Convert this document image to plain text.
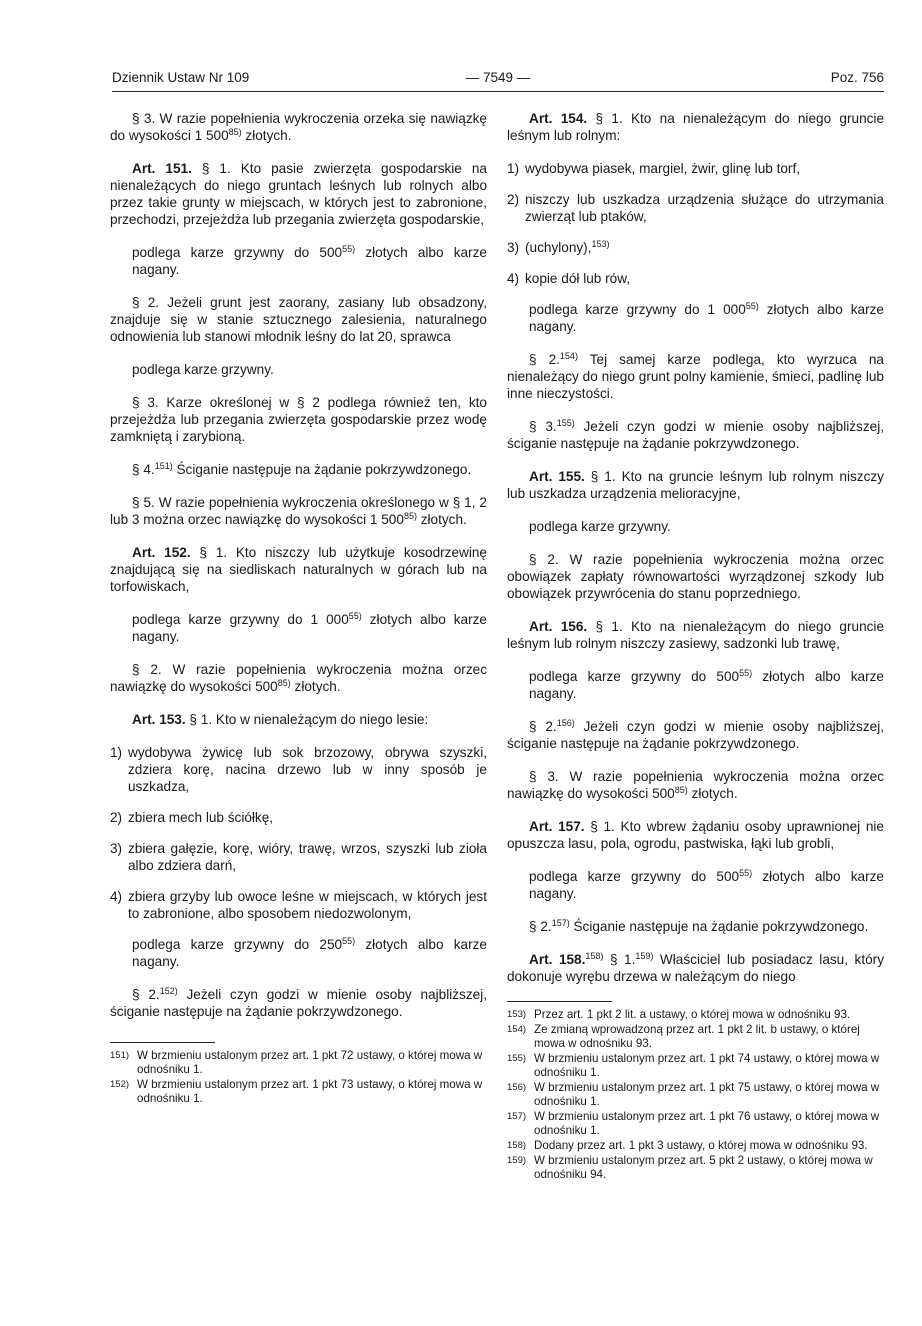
Dziennik Ustaw Nr 109	— 7549 —	Poz. 756

§ 3. W razie popełnienia wykroczenia orzeka się nawiązkę do wysokości 1 500$^{85)}$ złotych.

Art. 151. § 1. Kto pasie zwierzęta gospodarskie na nienależących do niego gruntach leśnych lub rolnych albo przez takie grunty w miejscach, w których jest to zabronione, przechodzi, przejeżdża lub przegania zwierzęta gospodarskie,

podlega karze grzywny do 500$^{55)}$ złotych albo karze nagany.

§ 2. Jeżeli grunt jest zaorany, zasiany lub obsadzony, znajduje się w stanie sztucznego zalesienia, naturalnego odnowienia lub stanowi młodnik leśny do lat 20, sprawca

podlega karze grzywny.

§ 3. Karze określonej w § 2 podlega również ten, kto przejeżdża lub przegania zwierzęta gospodarskie przez wodę zamkniętą i zarybioną.

§ 4.$^{151)}$ Ściganie następuje na żądanie pokrzywdzonego.

§ 5. W razie popełnienia wykroczenia określonego w § 1, 2 lub 3 można orzec nawiązkę do wysokości 1 500$^{85)}$ złotych.

Art. 152. § 1. Kto niszczy lub użytkuje kosodrzewinę znajdującą się na siedliskach naturalnych w górach lub na torfowiskach,

podlega karze grzywny do 1 000$^{55)}$ złotych albo karze nagany.

§ 2. W razie popełnienia wykroczenia można orzec nawiązkę do wysokości 500$^{85)}$ złotych.

Art. 153. § 1. Kto w nienależącym do niego lesie:

1) wydobywa żywicę lub sok brzozowy, obrywa szyszki, zdziera korę, nacina drzewo lub w inny sposób je uszkadza,
2) zbiera mech lub ściółkę,
3) zbiera gałęzie, korę, wióry, trawę, wrzos, szyszki lub zioła albo zdziera darń,
4) zbiera grzyby lub owoce leśne w miejscach, w których jest to zabronione, albo sposobem niedozwolonym,

podlega karze grzywny do 250$^{55)}$ złotych albo karze nagany.

§ 2.$^{152)}$ Jeżeli czyn godzi w mienie osoby najbliższej, ściganie następuje na żądanie pokrzywdzonego.

151) W brzmieniu ustalonym przez art. 1 pkt 72 ustawy, o której mowa w odnośniku 1.
152) W brzmieniu ustalonym przez art. 1 pkt 73 ustawy, o której mowa w odnośniku 1.

Art. 154. § 1. Kto na nienależącym do niego gruncie leśnym lub rolnym:

1) wydobywa piasek, margiel, żwir, glinę lub torf,
2) niszczy lub uszkadza urządzenia służące do utrzymania zwierząt lub ptaków,
3) (uchylony),$^{153)}$
4) kopie dół lub rów,

podlega karze grzywny do 1 000$^{55)}$ złotych albo karze nagany.

§ 2.$^{154)}$ Tej samej karze podlega, kto wyrzuca na nienależący do niego grunt polny kamienie, śmieci, padlinę lub inne nieczystości.

§ 3.$^{155)}$ Jeżeli czyn godzi w mienie osoby najbliższej, ściganie następuje na żądanie pokrzywdzonego.

Art. 155. § 1. Kto na gruncie leśnym lub rolnym niszczy lub uszkadza urządzenia melioracyjne,

podlega karze grzywny.

§ 2. W razie popełnienia wykroczenia można orzec obowiązek zapłaty równowartości wyrządzonej szkody lub obowiązek przywrócenia do stanu poprzedniego.

Art. 156. § 1. Kto na nienależącym do niego gruncie leśnym lub rolnym niszczy zasiewy, sadzonki lub trawę,

podlega karze grzywny do 500$^{55)}$ złotych albo karze nagany.

§ 2.$^{156)}$ Jeżeli czyn godzi w mienie osoby najbliższej, ściganie następuje na żądanie pokrzywdzonego.

§ 3. W razie popełnienia wykroczenia można orzec nawiązkę do wysokości 500$^{85)}$ złotych.

Art. 157. § 1. Kto wbrew żądaniu osoby uprawnionej nie opuszcza lasu, pola, ogrodu, pastwiska, łąki lub grobli,

podlega karze grzywny do 500$^{55)}$ złotych albo karze nagany.

§ 2.$^{157)}$ Ściganie następuje na żądanie pokrzywdzonego.

Art. 158.$^{158)}$ § 1.$^{159)}$ Właściciel lub posiadacz lasu, który dokonuje wyrębu drzewa w należącym do niego

153) Przez art. 1 pkt 2 lit. a ustawy, o której mowa w odnośniku 93.
154) Ze zmianą wprowadzoną przez art. 1 pkt 2 lit. b ustawy, o której mowa w odnośniku 93.
155) W brzmieniu ustalonym przez art. 1 pkt 74 ustawy, o której mowa w odnośniku 1.
156) W brzmieniu ustalonym przez art. 1 pkt 75 ustawy, o której mowa w odnośniku 1.
157) W brzmieniu ustalonym przez art. 1 pkt 76 ustawy, o której mowa w odnośniku 1.
158) Dodany przez art. 1 pkt 3 ustawy, o której mowa w odnośniku 93.
159) W brzmieniu ustalonym przez art. 5 pkt 2 ustawy, o której mowa w odnośniku 94.
